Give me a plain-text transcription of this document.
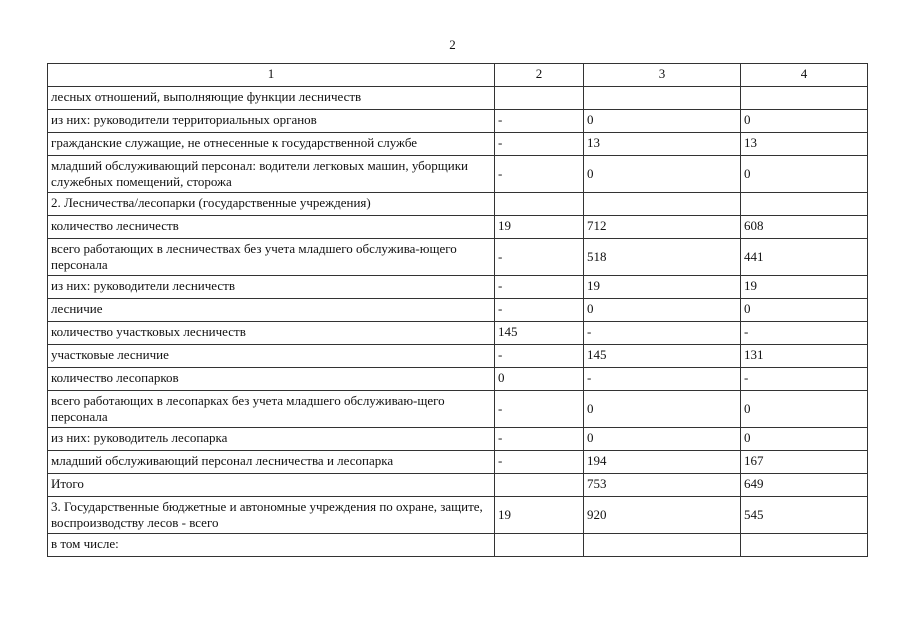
2
1	2	3	4
лесных отношений, выполняющие функции лесничеств			
из них: руководители территориальных органов	-	0	0
гражданские служащие, не отнесенные к государственной службе	-	13	13
младший обслуживающий персонал: водители легковых машин, уборщики служебных помещений, сторожа	-	0	0
2. Лесничества/лесопарки (государственные учреждения)			
количество лесничеств	19	712	608
всего работающих в лесничествах без учета младшего обслужива-ющего персонала	-	518	441
из них: руководители лесничеств	-	19	19
лесничие	-	0	0
количество участковых лесничеств	145	-	-
участковые лесничие	-	145	131
количество лесопарков	0	-	-
всего работающих в лесопарках без учета младшего обслуживаю-щего персонала	-	0	0
из них: руководитель лесопарка	-	0	0
младший обслуживающий персонал лесничества и лесопарка	-	194	167
Итого		753	649
3. Государственные бюджетные и автономные учреждения по охране, защите, воспроизводству лесов - всего	19	920	545
в том числе:			
